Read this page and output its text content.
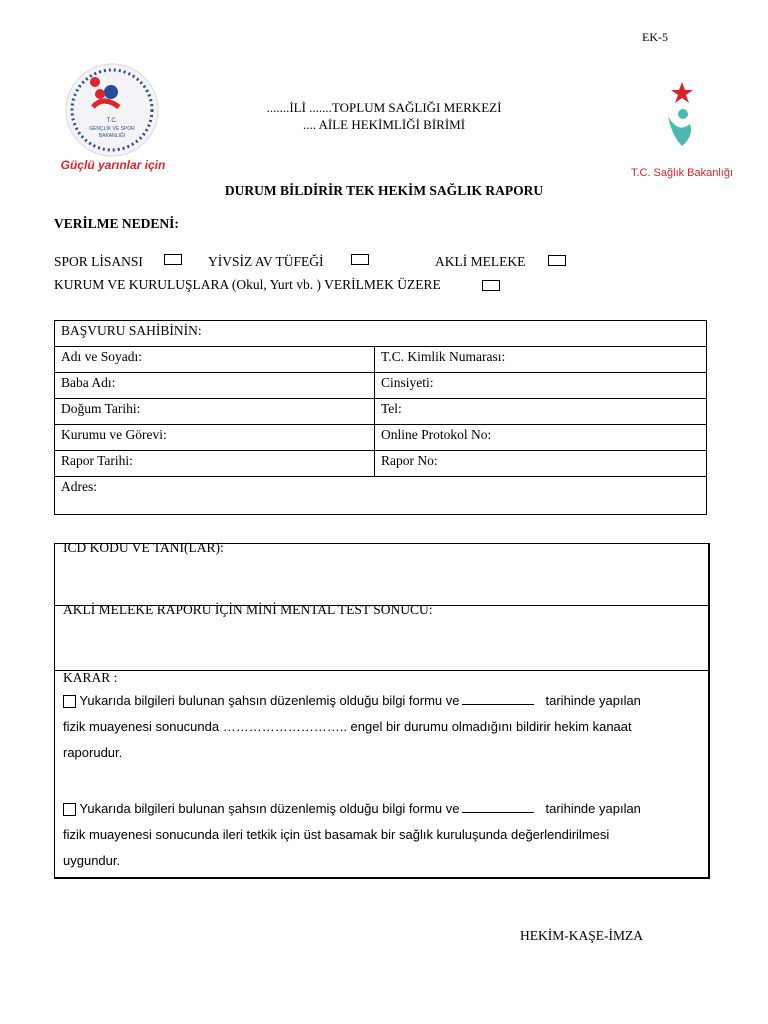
EK-5
T.C.
GENÇLİK VE SPOR
BAKANLIĞI
Güçlü yarınlar için
T.C. Sağlık Bakanlığı
.......İLİ .......TOPLUM SAĞLIĞI MERKEZİ
.... AİLE HEKİMLİĞİ BİRİMİ
DURUM BİLDİRİR TEK HEKİM SAĞLIK RAPORU
VERİLME NEDENİ:
SPOR LİSANSI	YİVSİZ AV TÜFEĞİ	AKLİ MELEKE
KURUM VE KURULUŞLARA (Okul, Yurt vb. ) VERİLMEK ÜZERE
BAŞVURU SAHİBİNİN:	
Adı ve Soyadı:	T.C. Kimlik Numarası:
Baba Adı:	Cinsiyeti:
Doğum Tarihi:	Tel:
Kurumu ve Görevi:	Online Protokol No:
Rapor Tarihi:	Rapor No:
Adres:	
ICD KODU VE TANI(LAR):
AKLİ MELEKE RAPORU İÇİN MİNİ MENTAL TEST SONUCU:
KARAR :
Yukarıda bilgileri bulunan şahsın düzenlemiş olduğu bilgi formu ve	tarihinde yapılan
fizik muayenesi sonucunda ……………………….. engel bir durumu olmadığını bildirir hekim kanaat
raporudur.
Yukarıda bilgileri bulunan şahsın düzenlemiş olduğu bilgi formu ve	tarihinde yapılan
fizik muayenesi sonucunda ileri tetkik için üst basamak bir sağlık kuruluşunda değerlendirilmesi
uygundur.
HEKİM-KAŞE-İMZA
